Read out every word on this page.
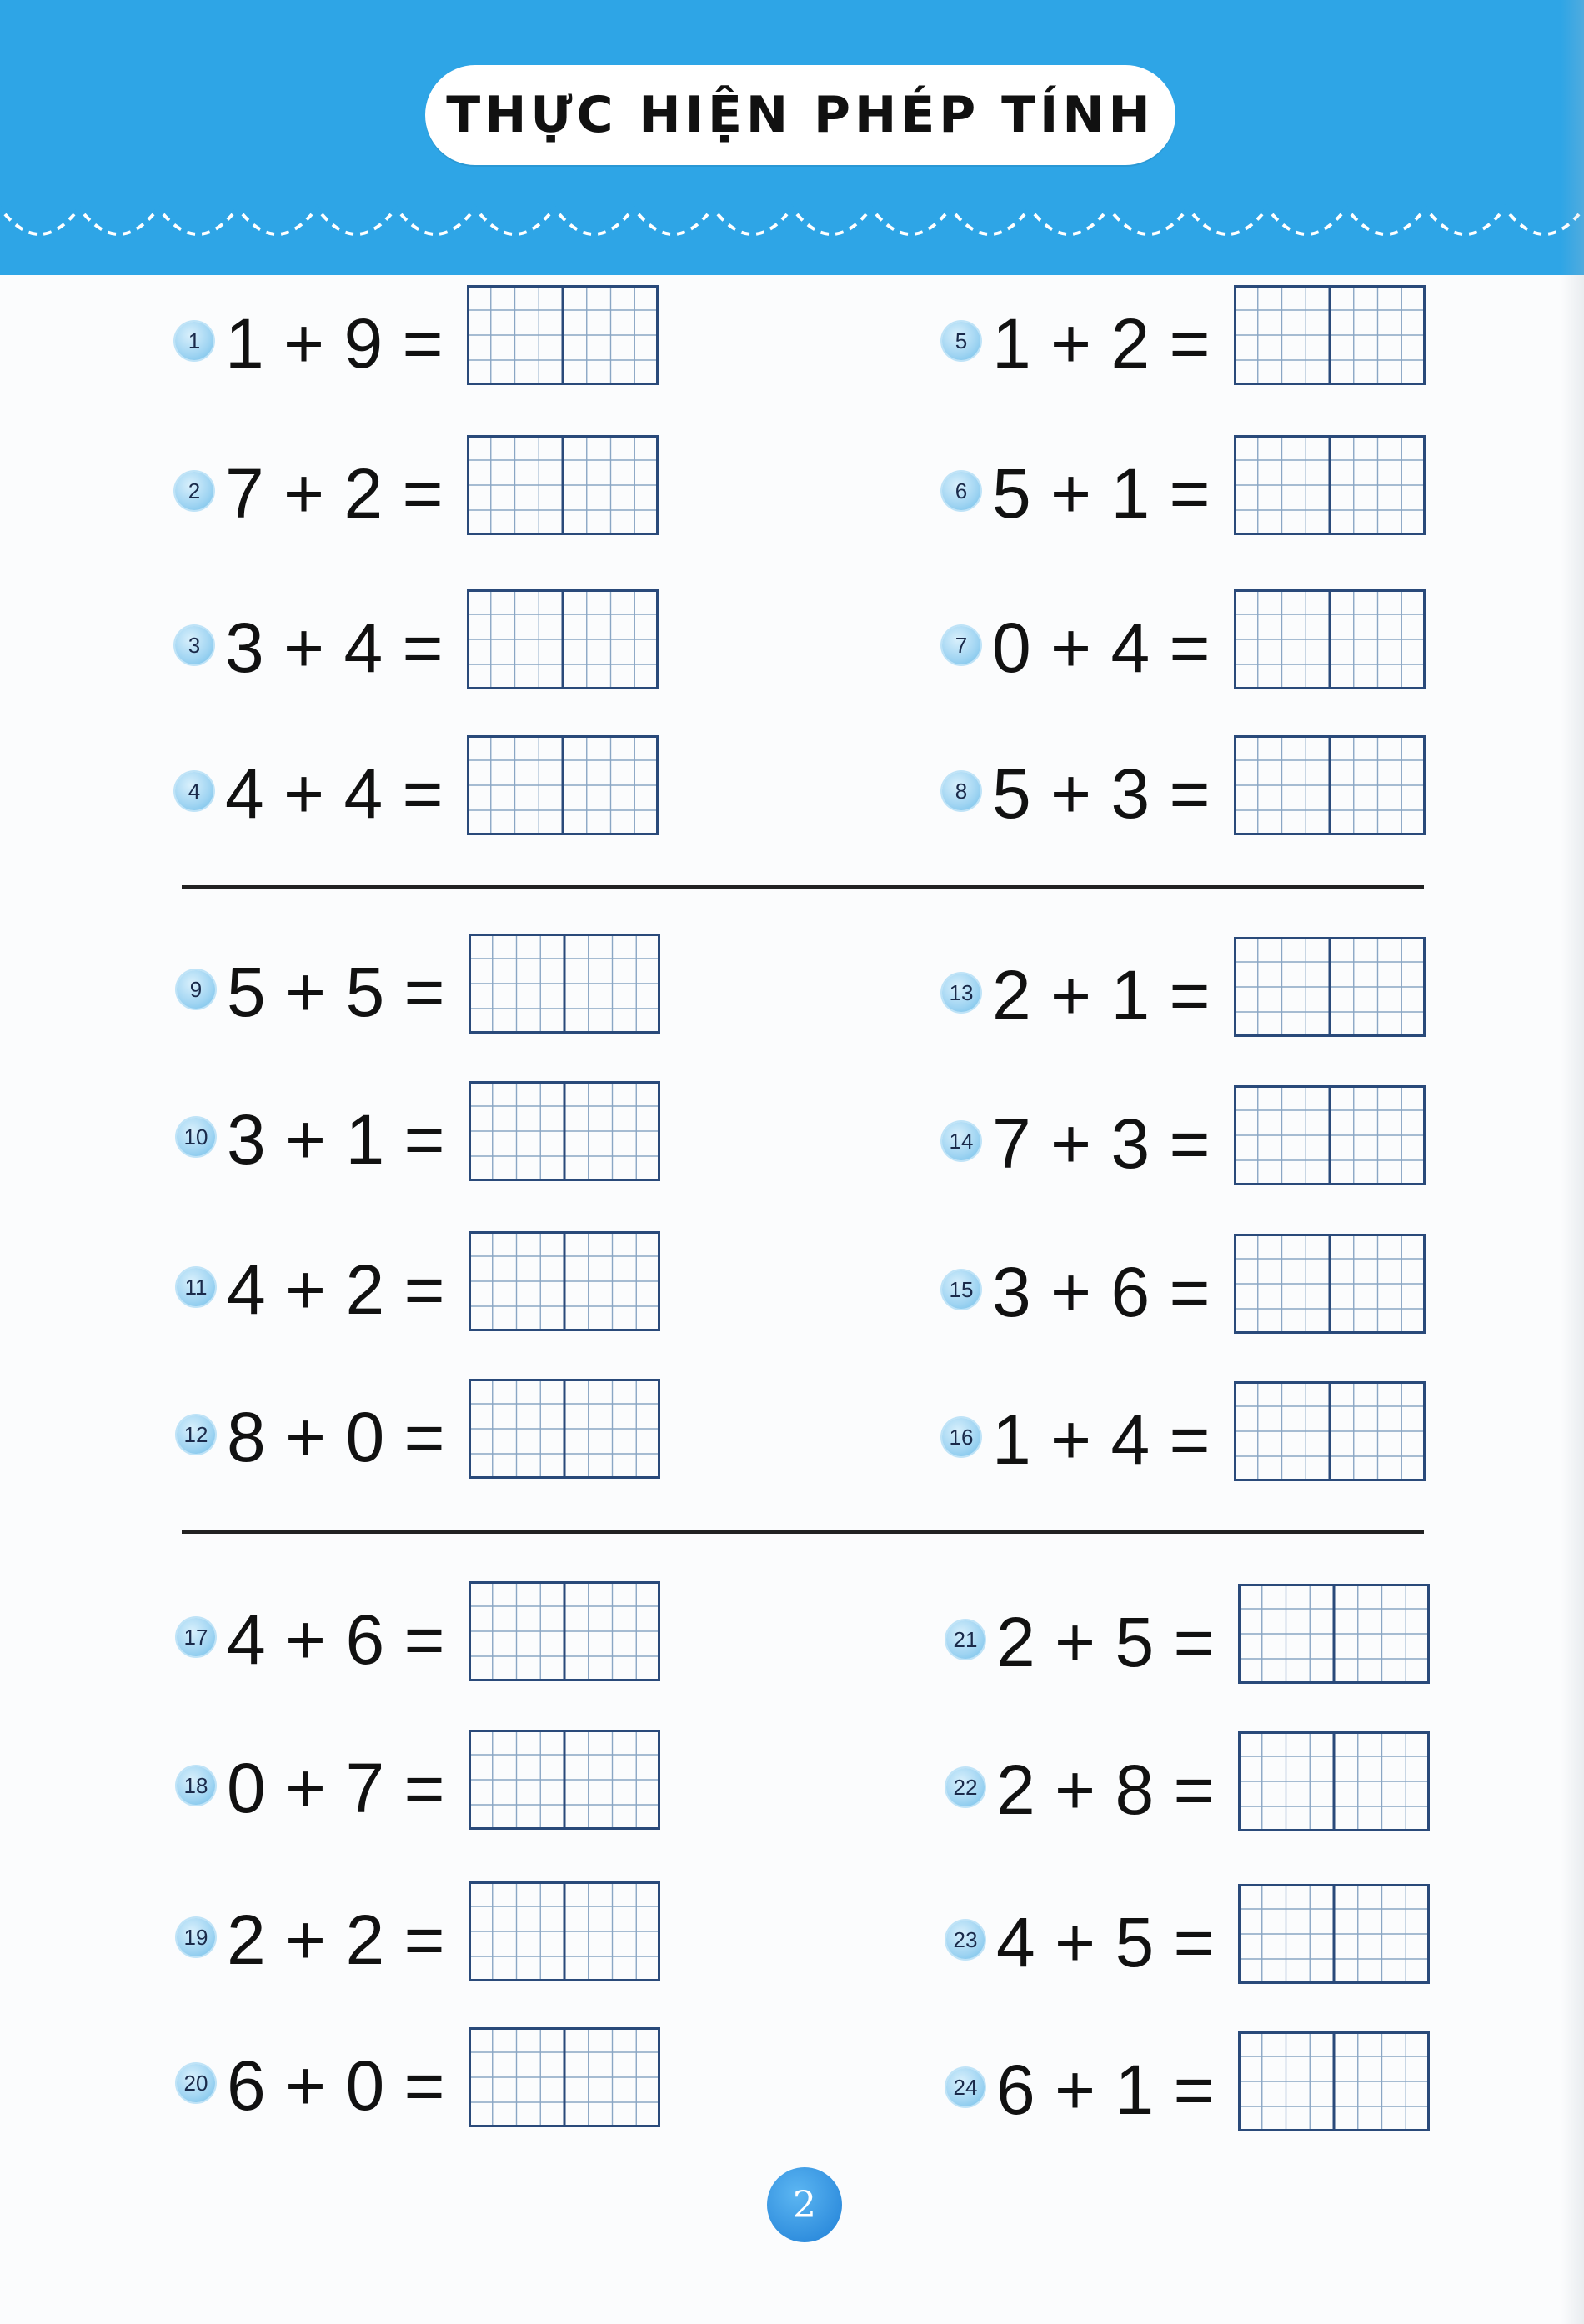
THỰC HIỆN PHÉP TÍNH
1 1 + 9 =
2 7 + 2 =
3 3 + 4 =
4 4 + 4 =
5 1 + 2 =
6 5 + 1 =
7 0 + 4 =
8 5 + 3 =
9 5 + 5 =
10 3 + 1 =
11 4 + 2 =
12 8 + 0 =
13 2 + 1 =
14 7 + 3 =
15 3 + 6 =
16 1 + 4 =
17 4 + 6 =
18 0 + 7 =
19 2 + 2 =
20 6 + 0 =
21 2 + 5 =
22 2 + 8 =
23 4 + 5 =
24 6 + 1 =
2
